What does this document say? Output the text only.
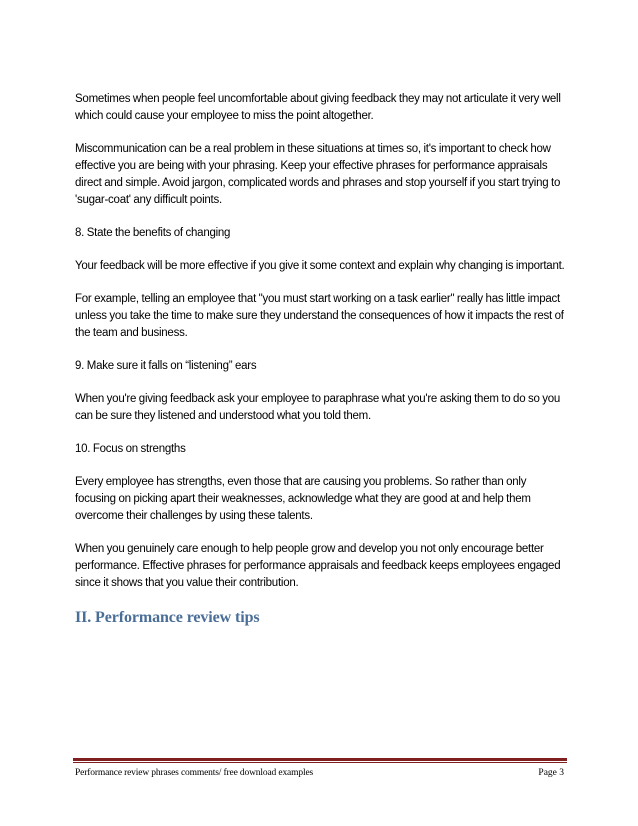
Sometimes when people feel uncomfortable about giving feedback they may not articulate it very well which could cause your employee to miss the point altogether.

Miscommunication can be a real problem in these situations at times so, it's important to check how effective you are being with your phrasing. Keep your effective phrases for performance appraisals direct and simple. Avoid jargon, complicated words and phrases and stop yourself if you start trying to 'sugar-coat' any difficult points.

8. State the benefits of changing

Your feedback will be more effective if you give it some context and explain why changing is important.

For example, telling an employee that "you must start working on a task earlier" really has little impact unless you take the time to make sure they understand the consequences of how it impacts the rest of the team and business.

9. Make sure it falls on “listening” ears

When you're giving feedback ask your employee to paraphrase what you're asking them to do so you can be sure they listened and understood what you told them.

10. Focus on strengths

Every employee has strengths, even those that are causing you problems. So rather than only focusing on picking apart their weaknesses, acknowledge what they are good at and help them overcome their challenges by using these talents.

When you genuinely care enough to help people grow and develop you not only encourage better performance. Effective phrases for performance appraisals and feedback keeps employees engaged since it shows that you value their contribution.

II. Performance review tips
Performance review phrases comments/ free download examples	Page 3
